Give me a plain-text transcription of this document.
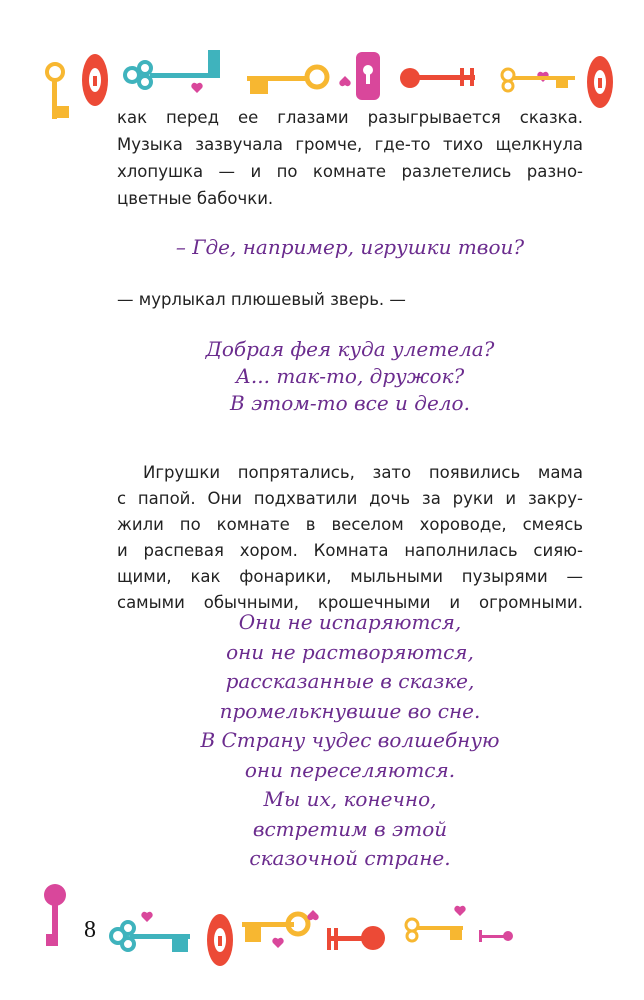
как перед ее глазами разыгрывается сказка.
Музыка зазвучала громче, где-то тихо щелкнула
хлопушка — и по комнате разлетелись разно-
цветные бабочки.
– Где, например, игрушки твои?
— мурлыкал плюшевый зверь. —
Добрая фея куда улетела?
А... так-то, дружок?
В этом-то все и дело.
Игрушки попрятались, зато появились мама
с папой. Они подхватили дочь за руки и закру-
жили по комнате в веселом хороводе, смеясь
и распевая хором. Комната наполнилась сияю-
щими, как фонарики, мыльными пузырями —
самыми обычными, крошечными и огромными.
Они не испаряются,
они не растворяются,
рассказанные в сказке,
промелькнувшие во сне.
В Страну чудес волшебную
они переселяются.
Мы их, конечно,
встретим в этой
сказочной стране.
8
